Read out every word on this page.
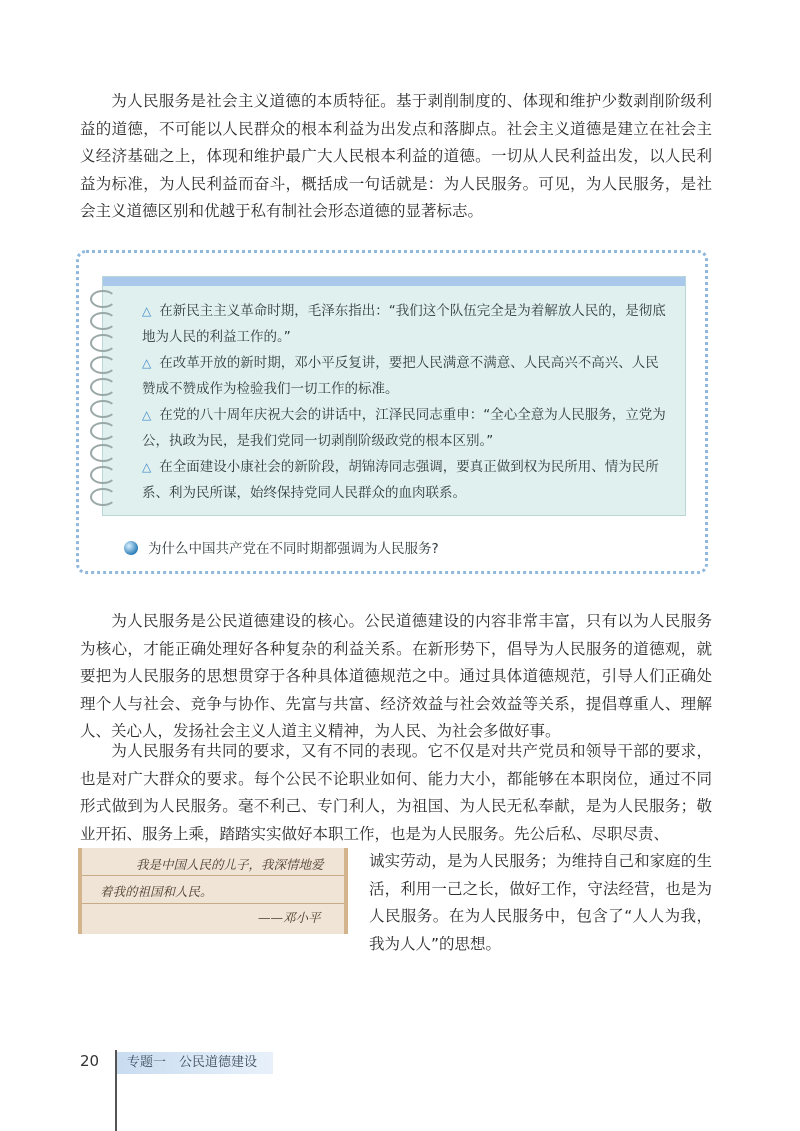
为人民服务是社会主义道德的本质特征。基于剥削制度的、体现和维护少数剥削阶级利益的道德，不可能以人民群众的根本利益为出发点和落脚点。社会主义道德是建立在社会主义经济基础之上，体现和维护最广大人民根本利益的道德。一切从人民利益出发，以人民利益为标准，为人民利益而奋斗，概括成一句话就是：为人民服务。可见，为人民服务，是社会主义道德区别和优越于私有制社会形态道德的显著标志。

△ 在新民主主义革命时期，毛泽东指出：“我们这个队伍完全是为着解放人民的，是彻底地为人民的利益工作的。”

△ 在改革开放的新时期，邓小平反复讲，要把人民满意不满意、人民高兴不高兴、人民赞成不赞成作为检验我们一切工作的标准。

△ 在党的八十周年庆祝大会的讲话中，江泽民同志重申：“全心全意为人民服务，立党为公，执政为民，是我们党同一切剥削阶级政党的根本区别。”

△ 在全面建设小康社会的新阶段，胡锦涛同志强调，要真正做到权为民所用、情为民所系、利为民所谋，始终保持党同人民群众的血肉联系。

为什么中国共产党在不同时期都强调为人民服务?

为人民服务是公民道德建设的核心。公民道德建设的内容非常丰富，只有以为人民服务为核心，才能正确处理好各种复杂的利益关系。在新形势下，倡导为人民服务的道德观，就要把为人民服务的思想贯穿于各种具体道德规范之中。通过具体道德规范，引导人们正确处理个人与社会、竞争与协作、先富与共富、经济效益与社会效益等关系，提倡尊重人、理解人、关心人，发扬社会主义人道主义精神，为人民、为社会多做好事。

为人民服务有共同的要求，又有不同的表现。它不仅是对共产党员和领导干部的要求，也是对广大群众的要求。每个公民不论职业如何、能力大小，都能够在本职岗位，通过不同形式做到为人民服务。毫不利己、专门利人，为祖国、为人民无私奉献，是为人民服务；敬业开拓、服务上乘，踏踏实实做好本职工作，也是为人民服务。先公后私、尽职尽责、

我是中国人民的儿子，我深情地爱

着我的祖国和人民。

——邓小平

诚实劳动，是为人民服务；为维持自己和家庭的生活，利用一己之长，做好工作，守法经营，也是为人民服务。在为人民服务中，包含了“人人为我，我为人人”的思想。

20	专题一　公民道德建设
